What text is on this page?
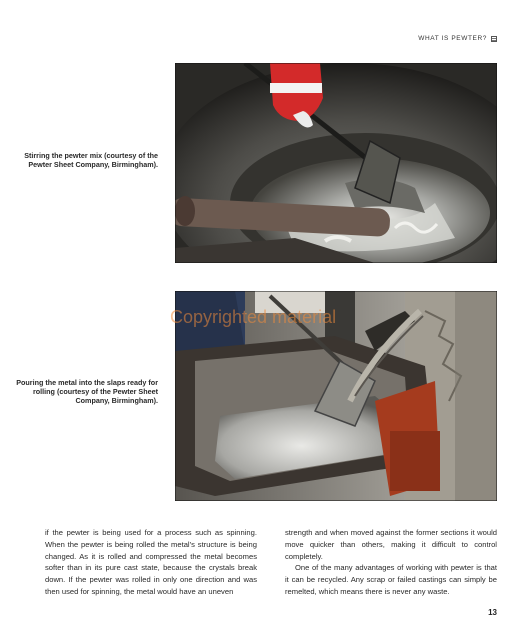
WHAT IS PEWTER?
Stirring the pewter mix (courtesy of the Pewter Sheet Company, Birmingham).
Copyrighted material
Pouring the metal into the slaps ready for rolling (courtesy of the Pewter Sheet Company, Birmingham).

if the pewter is being used for a process such as spinning. When the pewter is being rolled the metal’s structure is being changed. As it is rolled and compressed the metal becomes softer than in its pure cast state, because the crystals break down. If the pewter was rolled in only one direction and was then used for spinning, the metal would have an uneven

strength and when moved against the former sections it would move quicker than others, making it difficult to control completely.

One of the many advantages of working with pewter is that it can be recycled. Any scrap or failed castings can simply be remelted, which means there is never any waste.

13
